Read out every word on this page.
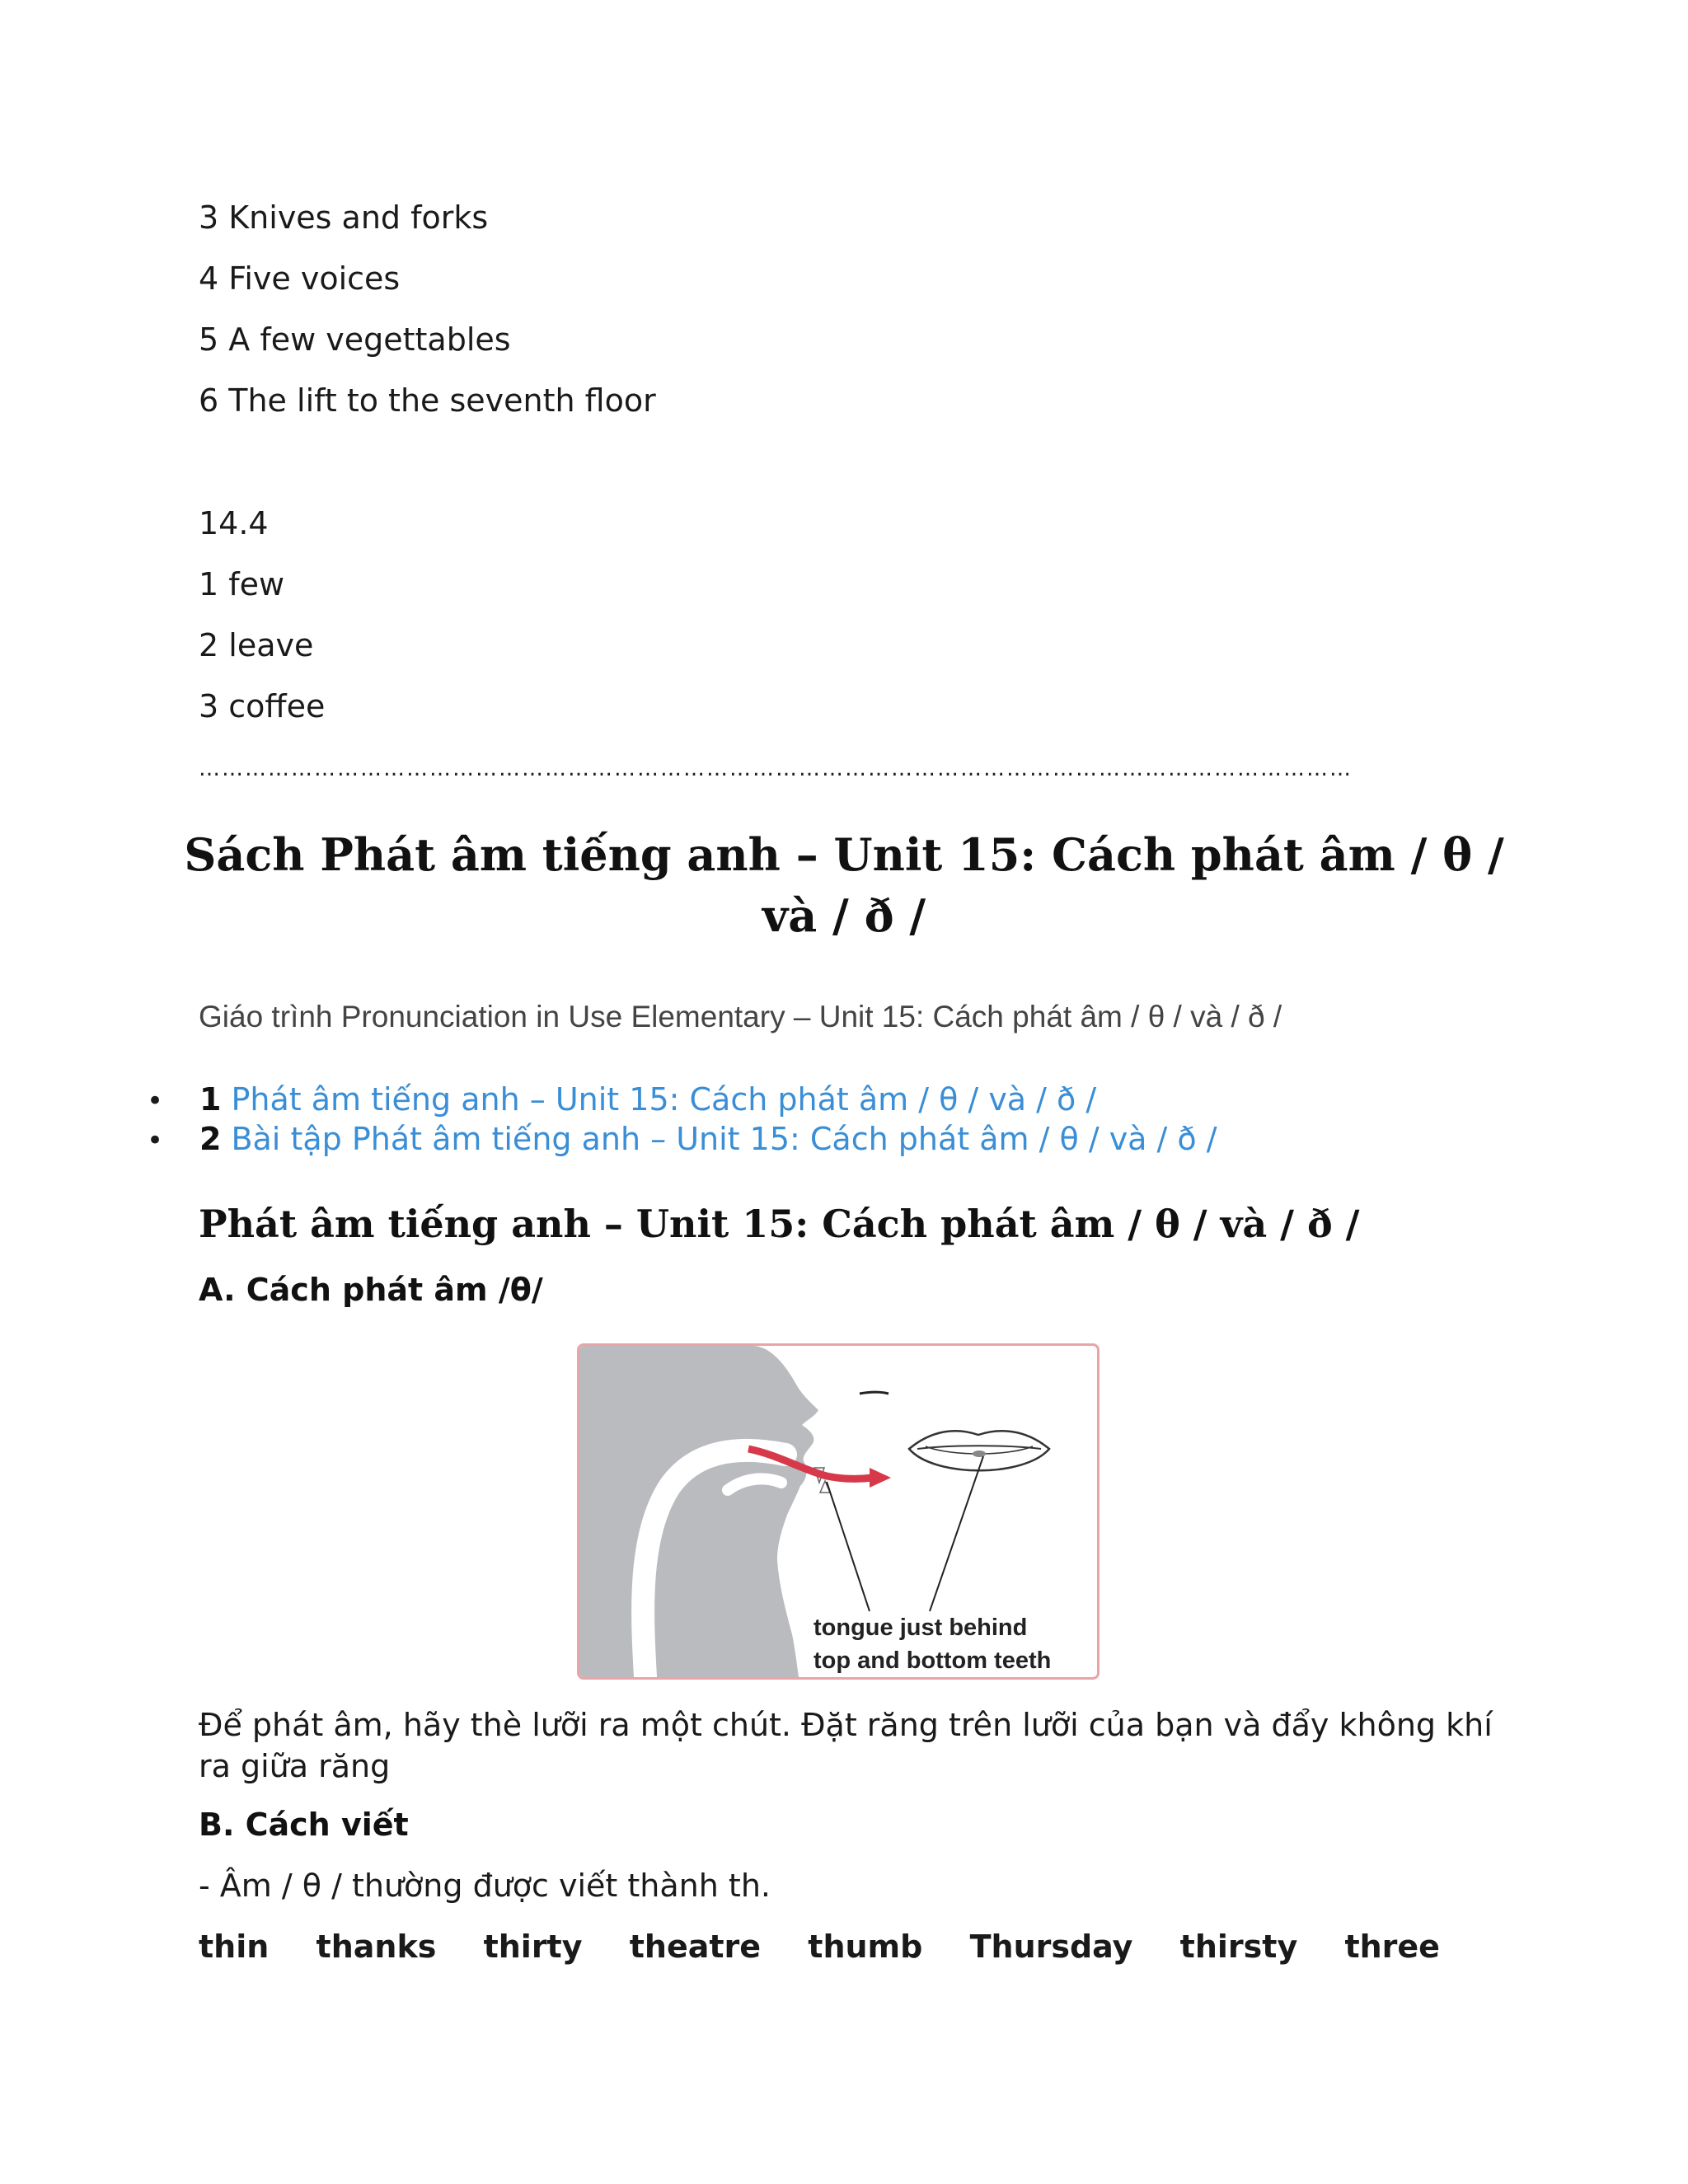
3 Knives and forks
4 Five voices
5 A few vegettables
6 The lift to the seventh floor
14.4
1 few
2 leave
3 coffee
……………………………………………………………………………………………………………………………………
Sách Phát âm tiếng anh – Unit 15: Cách phát âm / θ / và / ð /
Giáo trình Pronunciation in Use Elementary – Unit 15: Cách phát âm / θ / và / ð /
• 1 Phát âm tiếng anh – Unit 15: Cách phát âm / θ / và / ð /
• 2 Bài tập Phát âm tiếng anh – Unit 15: Cách phát âm / θ / và / ð /
Phát âm tiếng anh – Unit 15: Cách phát âm / θ / và / ð /
A. Cách phát âm /θ/
tongue just behind
top and bottom teeth
Để phát âm, hãy thè lưỡi ra một chút. Đặt răng trên lưỡi của bạn và đẩy không khí ra giữa răng
B. Cách viết
- Âm / θ / thường được viết thành th.
thin thanks thirty theatre thumb Thursday thirsty three
